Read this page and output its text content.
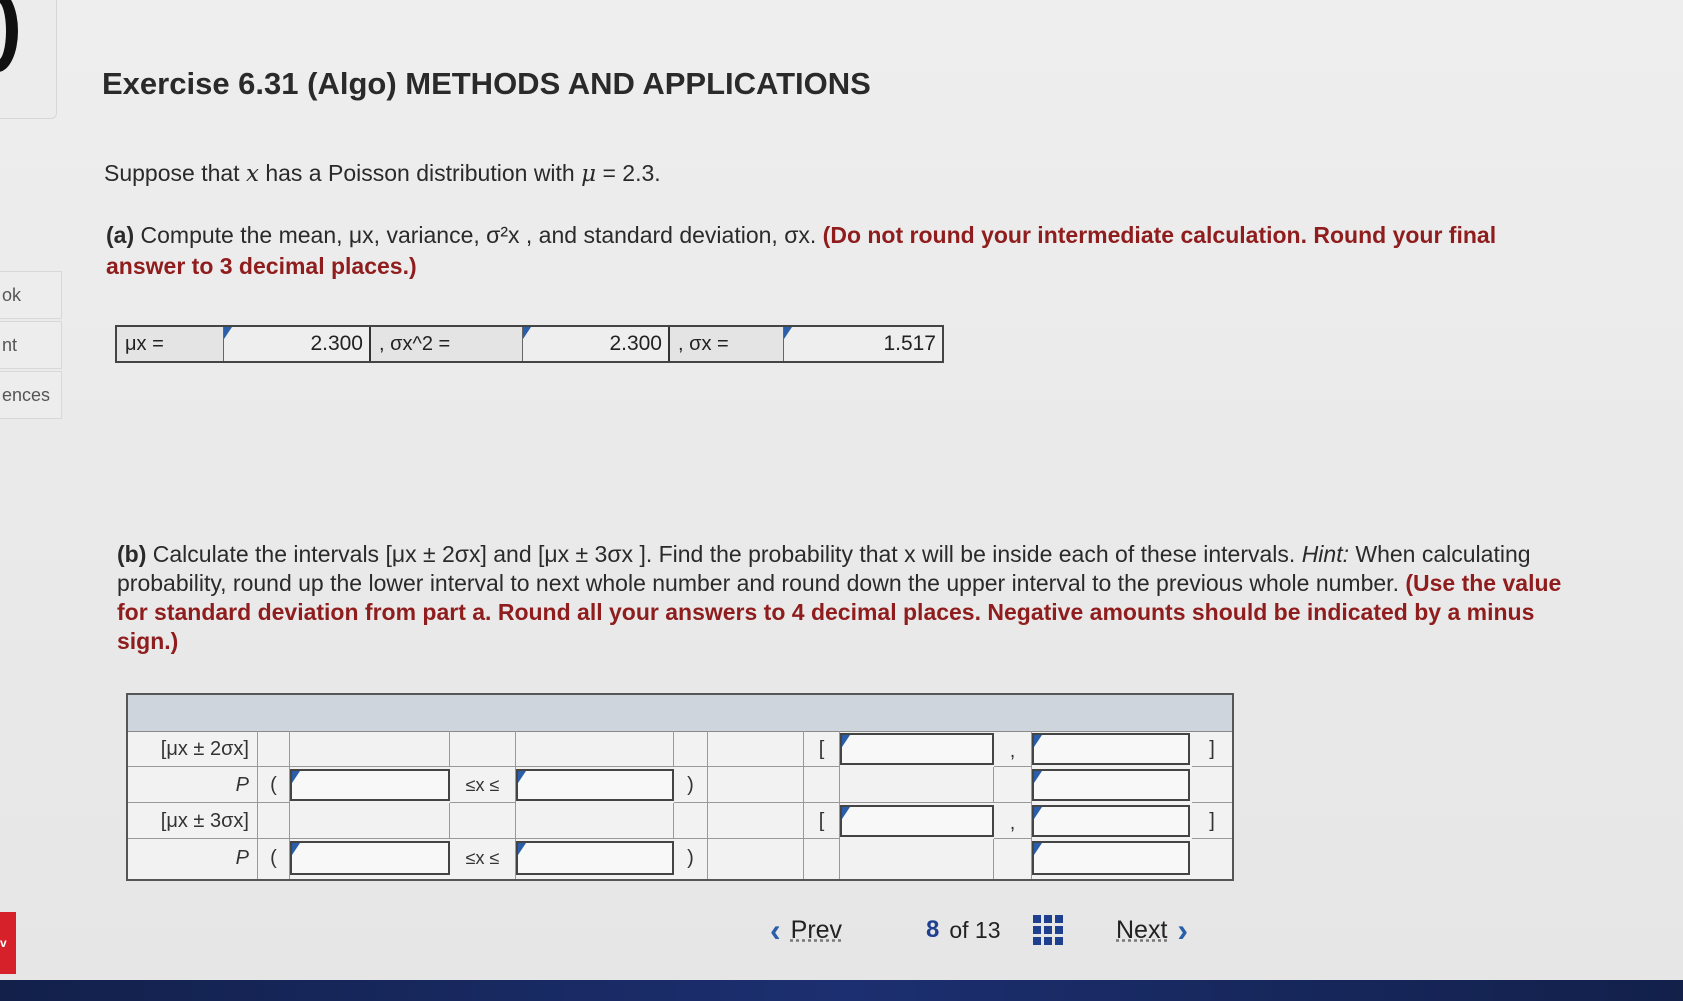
ok
nt
ences
v
Exercise 6.31 (Algo) METHODS AND APPLICATIONS
Suppose that x has a Poisson distribution with μ = 2.3.
(a) Compute the mean, μx, variance, σ²x , and standard deviation, σx. (Do not round your intermediate calculation. Round your final answer to 3 decimal places.)
μx =	2.300 , σx^2 =	2.300 , σx =	1.517
(b) Calculate the intervals [μx ± 2σx] and [μx ± 3σx ]. Find the probability that x will be inside each of these intervals. Hint: When calculating probability, round up the lower interval to next whole number and round down the upper interval to the previous whole number. (Use the value for standard deviation from part a. Round all your answers to 4 decimal places. Negative amounts should be indicated by a minus sign.)
[μx ± 2σx]	[	,	]
P	(	≤x ≤	)
[μx ± 3σx]	[	,	]
P	(	≤x ≤	)
‹ Prev	8 of 13	Next ›
